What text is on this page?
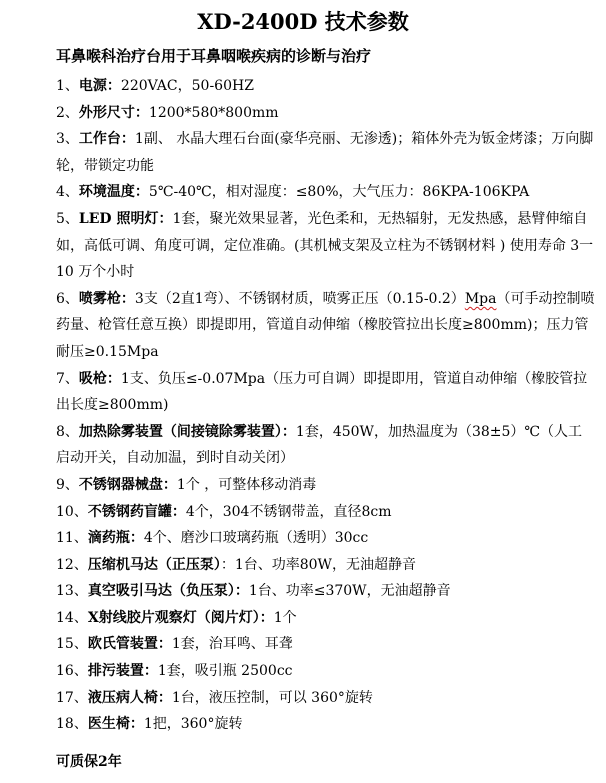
XD-2400D 技术参数
耳鼻喉科治疗台用于耳鼻咽喉疾病的诊断与治疗
1、电源：220VAC，50-60HZ
2、外形尺寸：1200*580*800mm
3、工作台：1副、 水晶大理石台面(豪华亮丽、无渗透)；箱体外壳为钣金烤漆；万向脚轮，带锁定功能
4、环境温度：5℃-40℃，相对湿度：≤80%，大气压力：86KPA-106KPA
5、LED 照明灯：1套，聚光效果显著，光色柔和，无热辐射，无发热感，悬臂伸缩自如，高低可调、角度可调，定位准确。(其机械支架及立柱为不锈钢材料 ) 使用寿命 3一10 万个小时
6、喷雾枪：3支（2直1弯）、不锈钢材质，喷雾正压（0.15-0.2）Mpa（可手动控制喷药量、枪管任意互换）即提即用，管道自动伸缩（橡胶管拉出长度≥800mm)；压力管耐压≥0.15Mpa
7、吸枪：1支、负压≤-0.07Mpa（压力可自调）即提即用，管道自动伸缩（橡胶管拉出长度≥800mm)
8、加热除雾装置（间接镜除雾装置）：1套，450W，加热温度为（38±5）℃（人工启动开关，自动加温，到时自动关闭）
9、不锈钢器械盘：1个 ，可整体移动消毒
10、不锈钢药盲罐：4个，304不锈钢带盖，直径8cm
11、滴药瓶：4个、磨沙口玻璃药瓶（透明）30cc
12、压缩机马达（正压泵）：1台、功率80W，无油超静音
13、真空吸引马达（负压泵）：1台、功率≤370W，无油超静音
14、X射线胶片观察灯（阅片灯）：1个
15、欧氏管装置：1套，治耳鸣、耳聋
16、排污装置：1套，吸引瓶 2500cc
17、液压病人椅：1台，液压控制，可以 360°旋转
18、医生椅：1把，360°旋转
可质保2年
